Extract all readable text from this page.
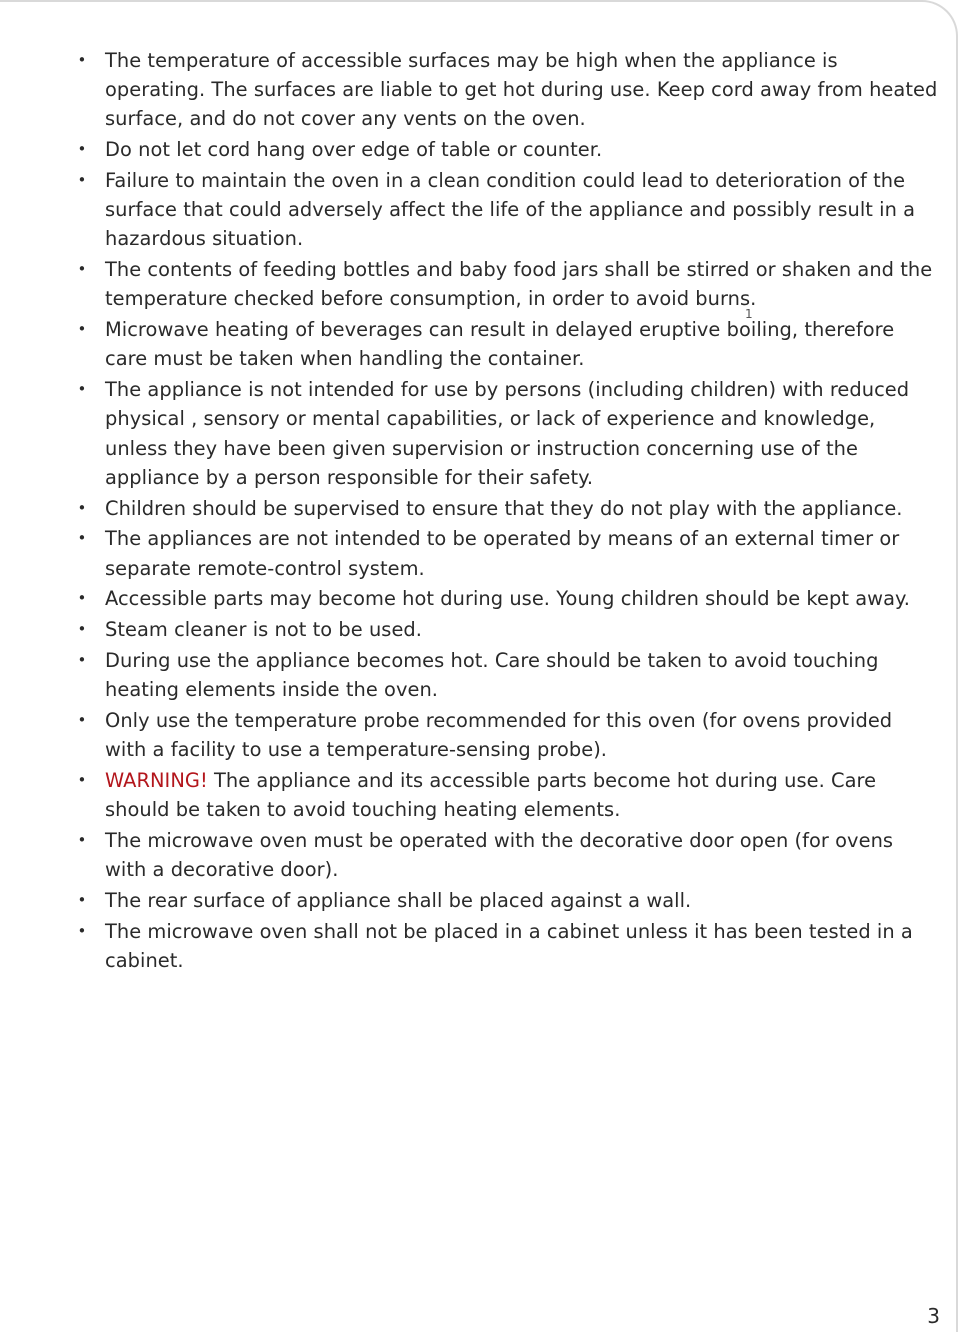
• The temperature of accessible surfaces may be high when the appliance is operating. The surfaces are liable to get hot during use. Keep cord away from heated surface, and do not cover any vents on the oven.
• Do not let cord hang over edge of table or counter.
• Failure to maintain the oven in a clean condition could lead to deterioration of the surface that could adversely affect the life of the appliance and possibly result in a hazardous situation.
• The contents of feeding bottles and baby food jars shall be stirred or shaken and the temperature checked before consumption, in order to avoid burns.
• Microwave heating of beverages can result in delayed eruptive boiling, therefore care must be taken when handling the container.
• The appliance is not intended for use by persons (including children) with reduced physical , sensory or mental capabilities, or lack of experience and knowledge, unless they have been given supervision or instruction concerning use of the appliance by a person responsible for their safety.
• Children should be supervised to ensure that they do not play with the appliance.
• The appliances are not intended to be operated by means of an external timer or separate remote-control system.
• Accessible parts may become hot during use. Young children should be kept away.
• Steam cleaner is not to be used.
• During use the appliance becomes hot. Care should be taken to avoid touching heating elements inside the oven.
• Only use the temperature probe recommended for this oven (for ovens provided with a facility to use a temperature-sensing probe).
• WARNING! The appliance and its accessible parts become hot during use. Care should be taken to avoid touching heating elements.
• The microwave oven must be operated with the decorative door open (for ovens with a decorative door).
• The rear surface of appliance shall be placed against a wall.
• The microwave oven shall not be placed in a cabinet unless it has been tested in a cabinet.
1
3
